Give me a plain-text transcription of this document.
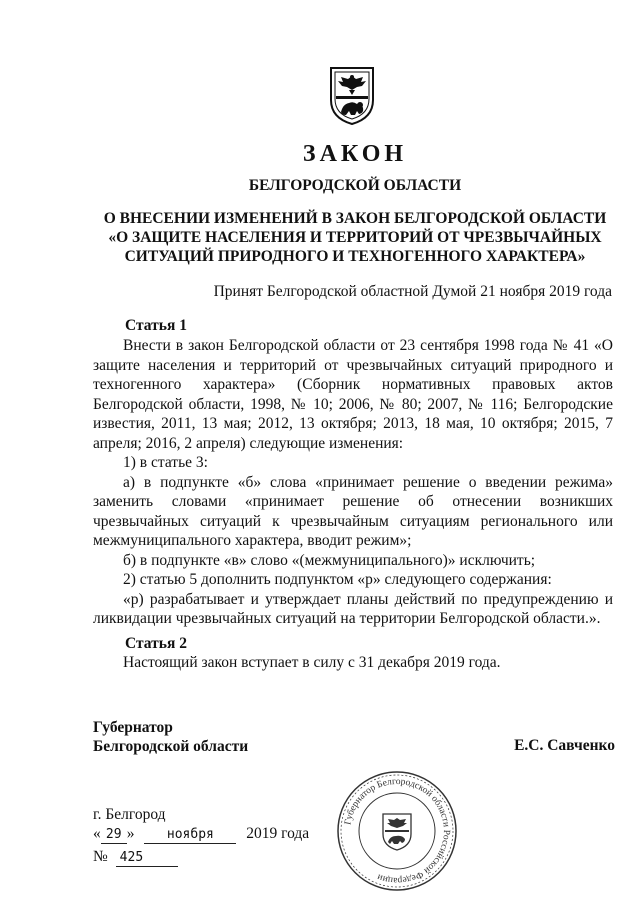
ЗАКОН
БЕЛГОРОДСКОЙ ОБЛАСТИ
О ВНЕСЕНИИ ИЗМЕНЕНИЙ В ЗАКОН БЕЛГОРОДСКОЙ ОБЛАСТИ
«О ЗАЩИТЕ НАСЕЛЕНИЯ И ТЕРРИТОРИЙ ОТ ЧРЕЗВЫЧАЙНЫХ
СИТУАЦИЙ ПРИРОДНОГО И ТЕХНОГЕННОГО ХАРАКТЕРА»
Принят Белгородской областной Думой 21 ноября 2019 года
Статья 1

Внести в закон Белгородской области от 23 сентября 1998 года № 41 «О защите населения и территорий от чрезвычайных ситуаций природного и техногенного характера» (Сборник нормативных правовых актов Белгородской области, 1998, № 10; 2006, № 80; 2007, № 116; Белгородские известия, 2011, 13 мая; 2012, 13 октября; 2013, 18 мая, 10 октября; 2015, 7 апреля; 2016, 2 апреля) следующие изменения:

1) в статье 3:

а) в подпункте «б» слова «принимает решение о введении режима» заменить словами «принимает решение об отнесении возникших чрезвычайных ситуаций к чрезвычайным ситуациям регионального или межмуниципального характера, вводит режим»;

б) в подпункте «в» слово «(межмуниципального)» исключить;

2) статью 5 дополнить подпунктом «р» следующего содержания:

«р) разрабатывает и утверждает планы действий по предупреждению и ликвидации чрезвычайных ситуаций на территории Белгородской области.».

Статья 2
Настоящий закон вступает в силу с 31 декабря 2019 года.
Губернатор
Белгородской области	Е.С. Савченко
Губернатор Белгородской области Российской Федерации
г. Белгород
« 29 » ноября 2019 года
№ 425
